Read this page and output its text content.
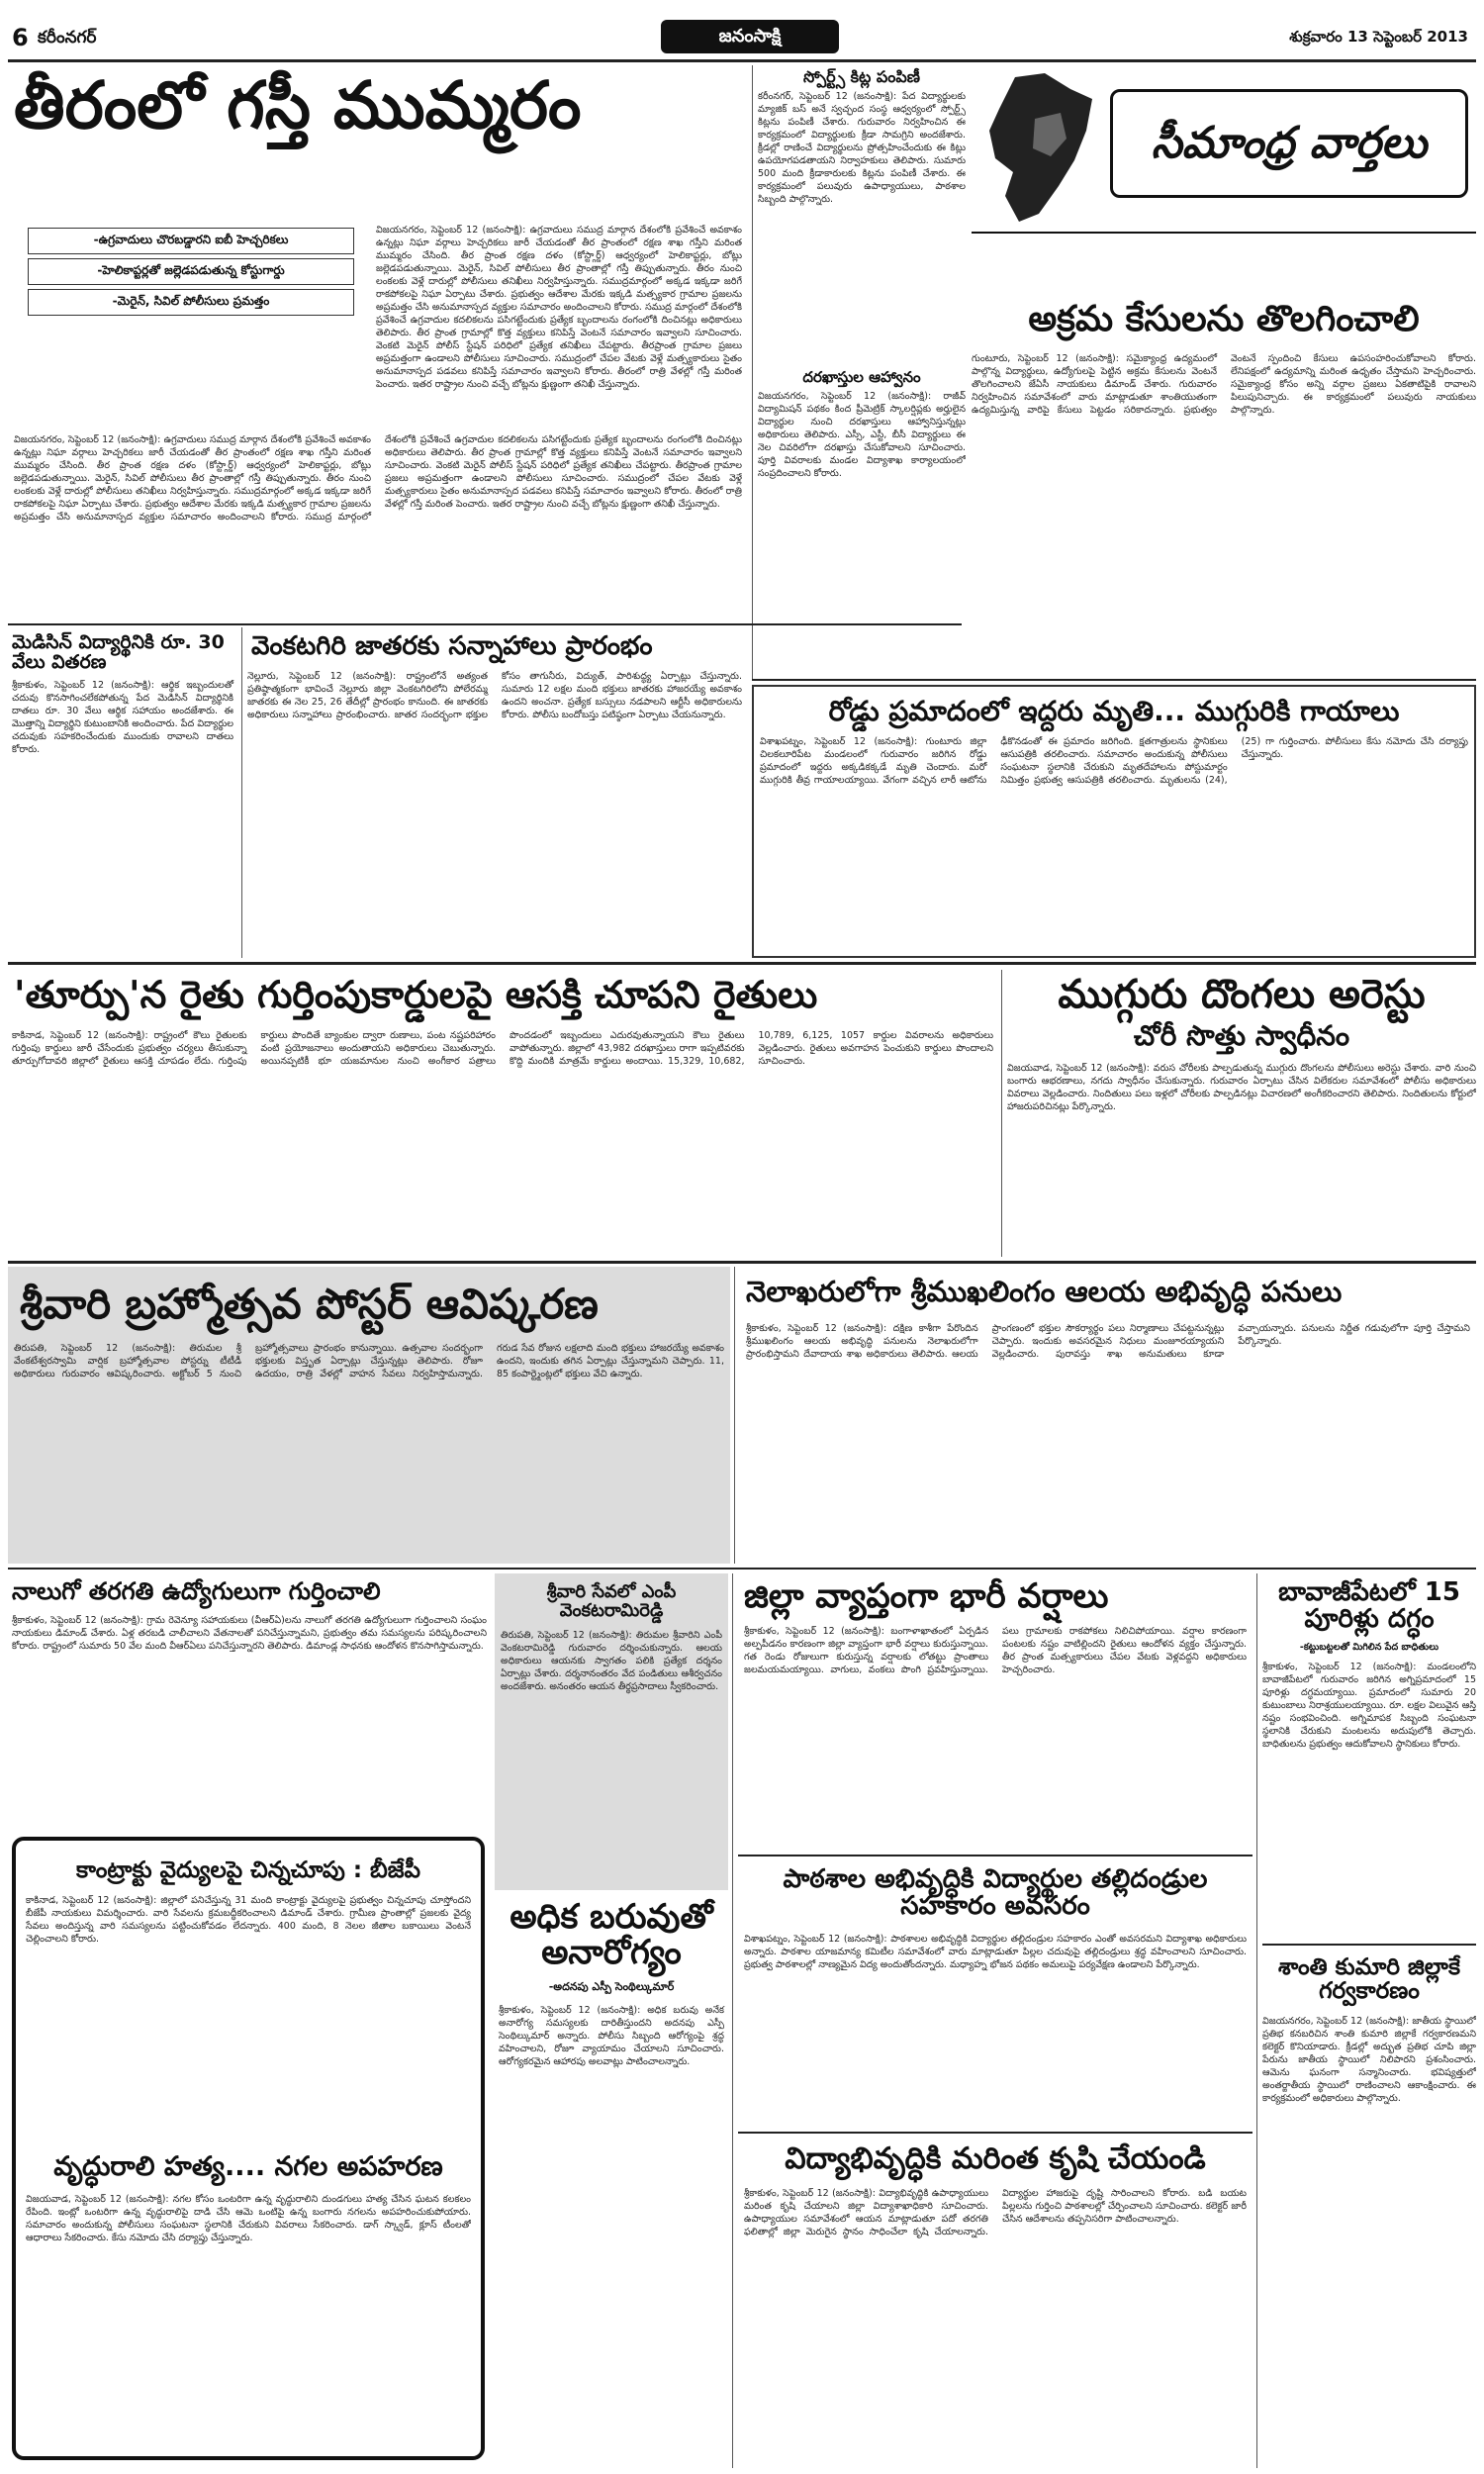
6 కరీంనగర్	జనంసాక్షి	శుక్రవారం 13 సెప్టెంబర్ 2013
తీరంలో గస్తీ ముమ్మరం
-ఉగ్రవాదులు చొరబడ్డారని ఐబీ హెచ్చరికలు
-హెలికాప్టర్లతో జల్లెడపడుతున్న కోస్టుగార్డు
-మెరైన్, సివిల్ పోలీసులు ప్రమత్తం
విజయనగరం, సెప్టెంబర్ 12 (జనంసాక్షి): ఉగ్రవాదులు సముద్ర మార్గాన దేశంలోకి ప్రవేశించే అవకాశం ఉన్నట్లు నిఘా వర్గాలు హెచ్చరికలు జారీ చేయడంతో తీర ప్రాంతంలో రక్షణ శాఖ గస్తీని మరింత ముమ్మరం చేసింది. తీర ప్రాంత రక్షణ దళం (కోస్ట్గార్డ్) ఆధ్వర్యంలో హెలికాప్టర్లు, బోట్లు జల్లెడపడుతున్నాయి. మెరైన్, సివిల్ పోలీసులు తీర ప్రాంతాల్లో గస్తీ తిప్పుతున్నారు. తీరం నుంచి లంకలకు వెళ్లే దారుల్లో పోలీసులు తనిఖీలు నిర్వహిస్తున్నారు. సముద్రమార్గంలో అక్కడ ఇక్కడా జరిగే రాకపోకలపై నిఘా ఏర్పాటు చేశారు. ప్రభుత్వం ఆదేశాల మేరకు ఇక్కడి మత్స్యకార గ్రామాల ప్రజలను అప్రమత్తం చేసి అనుమానాస్పద వ్యక్తుల సమాచారం అందించాలని కోరారు. సముద్ర మార్గంలో దేశంలోకి ప్రవేశించే ఉగ్రవాదుల కదలికలను పసిగట్టేందుకు ప్రత్యేక బృందాలను రంగంలోకి దించినట్లు అధికారులు తెలిపారు. తీర ప్రాంత గ్రామాల్లో కొత్త వ్యక్తులు కనిపిస్తే వెంటనే సమాచారం ఇవ్వాలని సూచించారు. వెంకటి మెరైన్ పోలీస్ స్టేషన్ పరిధిలో ప్రత్యేక తనిఖీలు చేపట్టారు. తీరప్రాంత గ్రామాల ప్రజలు అప్రమత్తంగా ఉండాలని పోలీసులు సూచించారు. సముద్రంలో చేపల వేటకు వెళ్లే మత్స్యకారులు సైతం అనుమానాస్పద పడవలు కనిపిస్తే సమాచారం ఇవ్వాలని కోరారు. తీరంలో రాత్రి వేళల్లో గస్తీ మరింత పెంచారు. ఇతర రాష్ట్రాల నుంచి వచ్చే బోట్లను క్షుణ్ణంగా తనిఖీ చేస్తున్నారు.
విజయనగరం, సెప్టెంబర్ 12 (జనంసాక్షి): ఉగ్రవాదులు సముద్ర మార్గాన దేశంలోకి ప్రవేశించే అవకాశం ఉన్నట్లు నిఘా వర్గాలు హెచ్చరికలు జారీ చేయడంతో తీర ప్రాంతంలో రక్షణ శాఖ గస్తీని మరింత ముమ్మరం చేసింది. తీర ప్రాంత రక్షణ దళం (కోస్ట్గార్డ్) ఆధ్వర్యంలో హెలికాప్టర్లు, బోట్లు జల్లెడపడుతున్నాయి. మెరైన్, సివిల్ పోలీసులు తీర ప్రాంతాల్లో గస్తీ తిప్పుతున్నారు. తీరం నుంచి లంకలకు వెళ్లే దారుల్లో పోలీసులు తనిఖీలు నిర్వహిస్తున్నారు. సముద్రమార్గంలో అక్కడ ఇక్కడా జరిగే రాకపోకలపై నిఘా ఏర్పాటు చేశారు. ప్రభుత్వం ఆదేశాల మేరకు ఇక్కడి మత్స్యకార గ్రామాల ప్రజలను అప్రమత్తం చేసి అనుమానాస్పద వ్యక్తుల సమాచారం అందించాలని కోరారు. సముద్ర మార్గంలో దేశంలోకి ప్రవేశించే ఉగ్రవాదుల కదలికలను పసిగట్టేందుకు ప్రత్యేక బృందాలను రంగంలోకి దించినట్లు అధికారులు తెలిపారు. తీర ప్రాంత గ్రామాల్లో కొత్త వ్యక్తులు కనిపిస్తే వెంటనే సమాచారం ఇవ్వాలని సూచించారు. వెంకటి మెరైన్ పోలీస్ స్టేషన్ పరిధిలో ప్రత్యేక తనిఖీలు చేపట్టారు. తీరప్రాంత గ్రామాల ప్రజలు అప్రమత్తంగా ఉండాలని పోలీసులు సూచించారు. సముద్రంలో చేపల వేటకు వెళ్లే మత్స్యకారులు సైతం అనుమానాస్పద పడవలు కనిపిస్తే సమాచారం ఇవ్వాలని కోరారు. తీరంలో రాత్రి వేళల్లో గస్తీ మరింత పెంచారు. ఇతర రాష్ట్రాల నుంచి వచ్చే బోట్లను క్షుణ్ణంగా తనిఖీ చేస్తున్నారు.
స్పోర్ట్స్ కిట్ల పంపిణీ
కరీంనగర్, సెప్టెంబర్ 12 (జనంసాక్షి): పేద విద్యార్థులకు మ్యాజిక్ బస్ అనే స్వచ్ఛంద సంస్థ ఆధ్వర్యంలో స్పోర్ట్స్ కిట్లను పంపిణీ చేశారు. గురువారం నిర్వహించిన ఈ కార్యక్రమంలో విద్యార్థులకు క్రీడా సామగ్రిని అందజేశారు. క్రీడల్లో రాణించే విద్యార్థులను ప్రోత్సహించేందుకు ఈ కిట్లు ఉపయోగపడతాయని నిర్వాహకులు తెలిపారు. సుమారు 500 మంది క్రీడాకారులకు కిట్లను పంపిణీ చేశారు. ఈ కార్యక్రమంలో పలువురు ఉపాధ్యాయులు, పాఠశాల సిబ్బంది పాల్గొన్నారు.
దరఖాస్తుల ఆహ్వానం
విజయనగరం, సెప్టెంబర్ 12 (జనంసాక్షి): రాజీవ్ విద్యామిషన్ పథకం కింద ప్రీమెట్రిక్ స్కాలర్షిప్లకు అర్హులైన విద్యార్థుల నుంచి దరఖాస్తులు ఆహ్వానిస్తున్నట్లు అధికారులు తెలిపారు. ఎస్సీ, ఎస్టీ, బీసీ విద్యార్థులు ఈ నెల చివరిలోగా దరఖాస్తు చేసుకోవాలని సూచించారు. పూర్తి వివరాలకు మండల విద్యాశాఖ కార్యాలయంలో సంప్రదించాలని కోరారు.
సీమాంధ్ర వార్తలు
అక్రమ కేసులను తొలగించాలి
గుంటూరు, సెప్టెంబర్ 12 (జనంసాక్షి): సమైక్యాంధ్ర ఉద్యమంలో పాల్గొన్న విద్యార్థులు, ఉద్యోగులపై పెట్టిన అక్రమ కేసులను వెంటనే తొలగించాలని జేఏసీ నాయకులు డిమాండ్ చేశారు. గురువారం నిర్వహించిన సమావేశంలో వారు మాట్లాడుతూ శాంతియుతంగా ఉద్యమిస్తున్న వారిపై కేసులు పెట్టడం సరికాదన్నారు. ప్రభుత్వం వెంటనే స్పందించి కేసులు ఉపసంహరించుకోవాలని కోరారు. లేనిపక్షంలో ఉద్యమాన్ని మరింత ఉధృతం చేస్తామని హెచ్చరించారు. సమైక్యాంధ్ర కోసం అన్ని వర్గాల ప్రజలు ఏకతాటిపైకి రావాలని పిలుపునిచ్చారు. ఈ కార్యక్రమంలో పలువురు నాయకులు పాల్గొన్నారు.
మెడిసిన్ విద్యార్థినికి రూ. 30 వేలు వితరణ
శ్రీకాకుళం, సెప్టెంబర్ 12 (జనంసాక్షి): ఆర్థిక ఇబ్బందులతో చదువు కొనసాగించలేకపోతున్న పేద మెడిసిన్ విద్యార్థినికి దాతలు రూ. 30 వేలు ఆర్థిక సహాయం అందజేశారు. ఈ మొత్తాన్ని విద్యార్థిని కుటుంబానికి అందించారు. పేద విద్యార్థుల చదువుకు సహకరించేందుకు ముందుకు రావాలని దాతలు కోరారు.
వెంకటగిరి జాతరకు సన్నాహాలు ప్రారంభం
నెల్లూరు, సెప్టెంబర్ 12 (జనంసాక్షి): రాష్ట్రంలోనే అత్యంత ప్రతిష్ఠాత్మకంగా భావించే నెల్లూరు జిల్లా వెంకటగిరిలోని పోలేరమ్మ జాతరకు ఈ నెల 25, 26 తేదీల్లో ప్రారంభం కానుంది. ఈ జాతరకు అధికారులు సన్నాహాలు ప్రారంభించారు. జాతర సందర్భంగా భక్తుల కోసం తాగునీరు, విద్యుత్, పారిశుద్ధ్య ఏర్పాట్లు చేస్తున్నారు. సుమారు 12 లక్షల మంది భక్తులు జాతరకు హాజరయ్యే అవకాశం ఉందని అంచనా. ప్రత్యేక బస్సులు నడపాలని ఆర్టీసీ అధికారులను కోరారు. పోలీసు బందోబస్తు పటిష్ఠంగా ఏర్పాటు చేయనున్నారు.	రోడ్డు ప్రమాదంలో ఇద్దరు మృతి... ముగ్గురికి గాయాలు
విశాఖపట్నం, సెప్టెంబర్ 12 (జనంసాక్షి): గుంటూరు జిల్లా చిలకలూరిపేట మండలంలో గురువారం జరిగిన రోడ్డు ప్రమాదంలో ఇద్దరు అక్కడికక్కడే మృతి చెందారు. మరో ముగ్గురికి తీవ్ర గాయాలయ్యాయి. వేగంగా వచ్చిన లారీ ఆటోను ఢీకొనడంతో ఈ ప్రమాదం జరిగింది. క్షతగాత్రులను స్థానికులు ఆసుపత్రికి తరలించారు. సమాచారం అందుకున్న పోలీసులు సంఘటనా స్థలానికి చేరుకుని మృతదేహాలను పోస్టుమార్టం నిమిత్తం ప్రభుత్వ ఆసుపత్రికి తరలించారు. మృతులను (24), (25) గా గుర్తించారు. పోలీసులు కేసు నమోదు చేసి దర్యాప్తు చేస్తున్నారు.
'తూర్పు'న రైతు గుర్తింపుకార్డులపై ఆసక్తి చూపని రైతులు
కాకినాడ, సెప్టెంబర్ 12 (జనంసాక్షి): రాష్ట్రంలో కౌలు రైతులకు గుర్తింపు కార్డులు జారీ చేసేందుకు ప్రభుత్వం చర్యలు తీసుకున్నా తూర్పుగోదావరి జిల్లాలో రైతులు ఆసక్తి చూపడం లేదు. గుర్తింపు కార్డులు పొందితే బ్యాంకుల ద్వారా రుణాలు, పంట నష్టపరిహారం వంటి ప్రయోజనాలు అందుతాయని అధికారులు చెబుతున్నారు. అయినప్పటికీ భూ యజమానుల నుంచి అంగీకార పత్రాలు పొందడంలో ఇబ్బందులు ఎదురవుతున్నాయని కౌలు రైతులు వాపోతున్నారు. జిల్లాలో 43,982 దరఖాస్తులు రాగా ఇప్పటివరకు కొద్ది మందికి మాత్రమే కార్డులు అందాయి. 15,329, 10,682, 10,789, 6,125, 1057 కార్డుల వివరాలను అధికారులు వెల్లడించారు. రైతులు అవగాహన పెంచుకుని కార్డులు పొందాలని సూచించారు.
ముగ్గురు దొంగలు అరెస్టు
చోరీ సొత్తు స్వాధీనం
విజయవాడ, సెప్టెంబర్ 12 (జనంసాక్షి): వరుస చోరీలకు పాల్పడుతున్న ముగ్గురు దొంగలను పోలీసులు అరెస్టు చేశారు. వారి నుంచి బంగారు ఆభరణాలు, నగదు స్వాధీనం చేసుకున్నారు. గురువారం ఏర్పాటు చేసిన విలేకరుల సమావేశంలో పోలీసు అధికారులు వివరాలు వెల్లడించారు. నిందితులు పలు ఇళ్లలో చోరీలకు పాల్పడినట్లు విచారణలో అంగీకరించారని తెలిపారు. నిందితులను కోర్టులో హాజరుపరిచినట్లు పేర్కొన్నారు.
శ్రీవారి బ్రహ్మోత్సవ పోస్టర్ ఆవిష్కరణ
తిరుపతి, సెప్టెంబర్ 12 (జనంసాక్షి): తిరుమల శ్రీ వేంకటేశ్వరస్వామి వార్షిక బ్రహ్మోత్సవాల పోస్టర్ను టీటీడీ అధికారులు గురువారం ఆవిష్కరించారు. అక్టోబర్ 5 నుంచి బ్రహ్మోత్సవాలు ప్రారంభం కానున్నాయి. ఉత్సవాల సందర్భంగా భక్తులకు విస్తృత ఏర్పాట్లు చేస్తున్నట్లు తెలిపారు. రోజూ ఉదయం, రాత్రి వేళల్లో వాహన సేవలు నిర్వహిస్తామన్నారు. గరుడ సేవ రోజున లక్షలాది మంది భక్తులు హాజరయ్యే అవకాశం ఉందని, ఇందుకు తగిన ఏర్పాట్లు చేస్తున్నామని చెప్పారు. 11, 85 కంపార్ట్మెంట్లలో భక్తులు వేచి ఉన్నారు.
నెలాఖరులోగా శ్రీముఖలింగం ఆలయ అభివృద్ధి పనులు
శ్రీకాకుళం, సెప్టెంబర్ 12 (జనంసాక్షి): దక్షిణ కాశీగా పేరొందిన శ్రీముఖలింగం ఆలయ అభివృద్ధి పనులను నెలాఖరులోగా ప్రారంభిస్తామని దేవాదాయ శాఖ అధికారులు తెలిపారు. ఆలయ ప్రాంగణంలో భక్తుల సౌకర్యార్థం పలు నిర్మాణాలు చేపట్టనున్నట్లు చెప్పారు. ఇందుకు అవసరమైన నిధులు మంజూరయ్యాయని వెల్లడించారు. పురావస్తు శాఖ అనుమతులు కూడా వచ్చాయన్నారు. పనులను నిర్ణీత గడువులోగా పూర్తి చేస్తామని పేర్కొన్నారు.
నాలుగో తరగతి ఉద్యోగులుగా గుర్తించాలి
శ్రీకాకుళం, సెప్టెంబర్ 12 (జనంసాక్షి): గ్రామ రెవెన్యూ సహాయకులు (వీఆర్ఏ)లను నాలుగో తరగతి ఉద్యోగులుగా గుర్తించాలని సంఘం నాయకులు డిమాండ్ చేశారు. ఏళ్ల తరబడి చాలీచాలని వేతనాలతో పనిచేస్తున్నామని, ప్రభుత్వం తమ సమస్యలను పరిష్కరించాలని కోరారు. రాష్ట్రంలో సుమారు 50 వేల మంది వీఆర్ఏలు పనిచేస్తున్నారని తెలిపారు. డిమాండ్ల సాధనకు ఆందోళన కొనసాగిస్తామన్నారు.
శ్రీవారి సేవలో ఎంపీ వెంకటరామిరెడ్డి
తిరుపతి, సెప్టెంబర్ 12 (జనంసాక్షి): తిరుమల శ్రీవారిని ఎంపీ వెంకటరామిరెడ్డి గురువారం దర్శించుకున్నారు. ఆలయ అధికారులు ఆయనకు స్వాగతం పలికి ప్రత్యేక దర్శనం ఏర్పాట్లు చేశారు. దర్శనానంతరం వేద పండితులు ఆశీర్వచనం అందజేశారు. అనంతరం ఆయన తీర్థప్రసాదాలు స్వీకరించారు.
అధిక బరువుతో అనారోగ్యం
-అదనపు ఎస్పీ సెంథిల్కుమార్
శ్రీకాకుళం, సెప్టెంబర్ 12 (జనంసాక్షి): అధిక బరువు అనేక అనారోగ్య సమస్యలకు దారితీస్తుందని అదనపు ఎస్పీ సెంథిల్కుమార్ అన్నారు. పోలీసు సిబ్బంది ఆరోగ్యంపై శ్రద్ధ వహించాలని, రోజూ వ్యాయామం చేయాలని సూచించారు. ఆరోగ్యకరమైన ఆహారపు అలవాట్లు పాటించాలన్నారు.
జిల్లా వ్యాప్తంగా భారీ వర్షాలు
శ్రీకాకుళం, సెప్టెంబర్ 12 (జనంసాక్షి): బంగాళాఖాతంలో ఏర్పడిన అల్పపీడనం కారణంగా జిల్లా వ్యాప్తంగా భారీ వర్షాలు కురుస్తున్నాయి. గత రెండు రోజులుగా కురుస్తున్న వర్షాలకు లోతట్టు ప్రాంతాలు జలమయమయ్యాయి. వాగులు, వంకలు పొంగి ప్రవహిస్తున్నాయి. పలు గ్రామాలకు రాకపోకలు నిలిచిపోయాయి. వర్షాల కారణంగా పంటలకు నష్టం వాటిల్లిందని రైతులు ఆందోళన వ్యక్తం చేస్తున్నారు. తీర ప్రాంత మత్స్యకారులు చేపల వేటకు వెళ్లవద్దని అధికారులు హెచ్చరించారు.
బావాజీపేటలో 15 పూరిళ్లు దగ్ధం
-కట్టుబట్టలతో మిగిలిన పేద బాధితులు
శ్రీకాకుళం, సెప్టెంబర్ 12 (జనంసాక్షి): మండలంలోని బావాజీపేటలో గురువారం జరిగిన అగ్నిప్రమాదంలో 15 పూరిళ్లు దగ్ధమయ్యాయి. ప్రమాదంలో సుమారు 20 కుటుంబాలు నిరాశ్రయులయ్యాయి. రూ. లక్షల విలువైన ఆస్తి నష్టం సంభవించింది. అగ్నిమాపక సిబ్బంది సంఘటనా స్థలానికి చేరుకుని మంటలను అదుపులోకి తెచ్చారు. బాధితులను ప్రభుత్వం ఆదుకోవాలని స్థానికులు కోరారు.
కాంట్రాక్టు వైద్యులపై చిన్నచూపు : బీజేపీ
కాకినాడ, సెప్టెంబర్ 12 (జనంసాక్షి): జిల్లాలో పనిచేస్తున్న 31 మంది కాంట్రాక్టు వైద్యులపై ప్రభుత్వం చిన్నచూపు చూస్తోందని బీజేపీ నాయకులు విమర్శించారు. వారి సేవలను క్రమబద్ధీకరించాలని డిమాండ్ చేశారు. గ్రామీణ ప్రాంతాల్లో ప్రజలకు వైద్య సేవలు అందిస్తున్న వారి సమస్యలను పట్టించుకోవడం లేదన్నారు. 400 మంది, 8 నెలల జీతాల బకాయిలు వెంటనే చెల్లించాలని కోరారు.
వృద్ధురాలి హత్య.... నగల అపహరణ
విజయవాడ, సెప్టెంబర్ 12 (జనంసాక్షి): నగల కోసం ఒంటరిగా ఉన్న వృద్ధురాలిని దుండగులు హత్య చేసిన ఘటన కలకలం రేపింది. ఇంట్లో ఒంటరిగా ఉన్న వృద్ధురాలిపై దాడి చేసి ఆమె ఒంటిపై ఉన్న బంగారు నగలను అపహరించుకుపోయారు. సమాచారం అందుకున్న పోలీసులు సంఘటనా స్థలానికి చేరుకుని వివరాలు సేకరించారు. డాగ్ స్క్వాడ్, క్లూస్ టీంలతో ఆధారాలు సేకరించారు. కేసు నమోదు చేసి దర్యాప్తు చేస్తున్నారు.
పాఠశాల అభివృద్ధికి విద్యార్థుల తల్లిదండ్రుల సహకారం అవసరం
విశాఖపట్నం, సెప్టెంబర్ 12 (జనంసాక్షి): పాఠశాలల అభివృద్ధికి విద్యార్థుల తల్లిదండ్రుల సహకారం ఎంతో అవసరమని విద్యాశాఖ అధికారులు అన్నారు. పాఠశాల యాజమాన్య కమిటీల సమావేశంలో వారు మాట్లాడుతూ పిల్లల చదువుపై తల్లిదండ్రులు శ్రద్ధ వహించాలని సూచించారు. ప్రభుత్వ పాఠశాలల్లో నాణ్యమైన విద్య అందుతోందన్నారు. మధ్యాహ్న భోజన పథకం అమలుపై పర్యవేక్షణ ఉండాలని పేర్కొన్నారు.
విద్యాభివృద్ధికి మరింత కృషి చేయండి
శ్రీకాకుళం, సెప్టెంబర్ 12 (జనంసాక్షి): విద్యాభివృద్ధికి ఉపాధ్యాయులు మరింత కృషి చేయాలని జిల్లా విద్యాశాఖాధికారి సూచించారు. ఉపాధ్యాయుల సమావేశంలో ఆయన మాట్లాడుతూ పదో తరగతి ఫలితాల్లో జిల్లా మెరుగైన స్థానం సాధించేలా కృషి చేయాలన్నారు. విద్యార్థుల హాజరుపై దృష్టి సారించాలని కోరారు. బడి బయట పిల్లలను గుర్తించి పాఠశాలల్లో చేర్పించాలని సూచించారు. కలెక్టర్ జారీ చేసిన ఆదేశాలను తప్పనిసరిగా పాటించాలన్నారు.
శాంతి కుమారి జిల్లాకే గర్వకారణం
విజయనగరం, సెప్టెంబర్ 12 (జనంసాక్షి): జాతీయ స్థాయిలో ప్రతిభ కనబరిచిన శాంతి కుమారి జిల్లాకే గర్వకారణమని కలెక్టర్ కొనియాడారు. క్రీడల్లో అద్భుత ప్రతిభ చూపి జిల్లా పేరును జాతీయ స్థాయిలో నిలిపారని ప్రశంసించారు. ఆమెను ఘనంగా సన్మానించారు. భవిష్యత్తులో అంతర్జాతీయ స్థాయిలో రాణించాలని ఆకాంక్షించారు. ఈ కార్యక్రమంలో అధికారులు పాల్గొన్నారు.
